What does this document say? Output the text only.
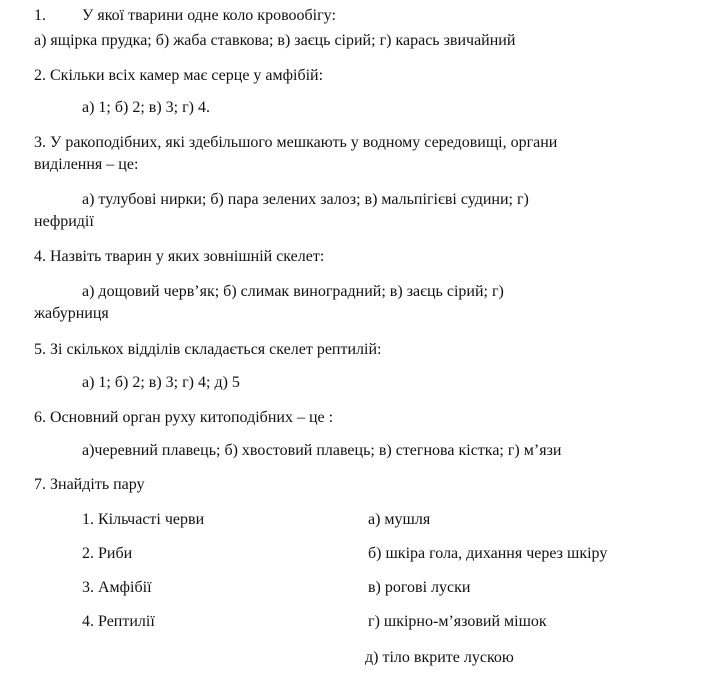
1. У якої тварини одне коло кровообігу:
а) ящірка прудка; б) жаба ставкова; в) заєць сірий; г) карась звичайний
2. Скільки всіх камер має серце у амфібій:
а) 1; б) 2; в) 3; г) 4.
3. У ракоподібних, які здебільшого мешкають у водному середовищі, органи
виділення – це:
а) тулубові нирки; б) пара зелених залоз; в) мальпігієві судини; г)
нефридії
4. Назвіть тварин у яких зовнішній скелет:
а) дощовий черв’як; б) слимак виноградний; в) заєць сірий; г)
жабурниця
5. Зі скількох відділів складається скелет рептилій:
а) 1; б) 2; в) 3; г) 4; д) 5
6. Основний орган руху китоподібних – це :
а)черевний плавець; б) хвостовий плавець; в) стегнова кістка; г) м’язи
7. Знайдіть пару
1. Кільчасті черви	а) мушля
2. Риби	б) шкіра гола, дихання через шкіру
3. Амфібії	в) рогові луски
4. Рептилії	г) шкірно-м’язовий мішок
д) тіло вкрите лускою
